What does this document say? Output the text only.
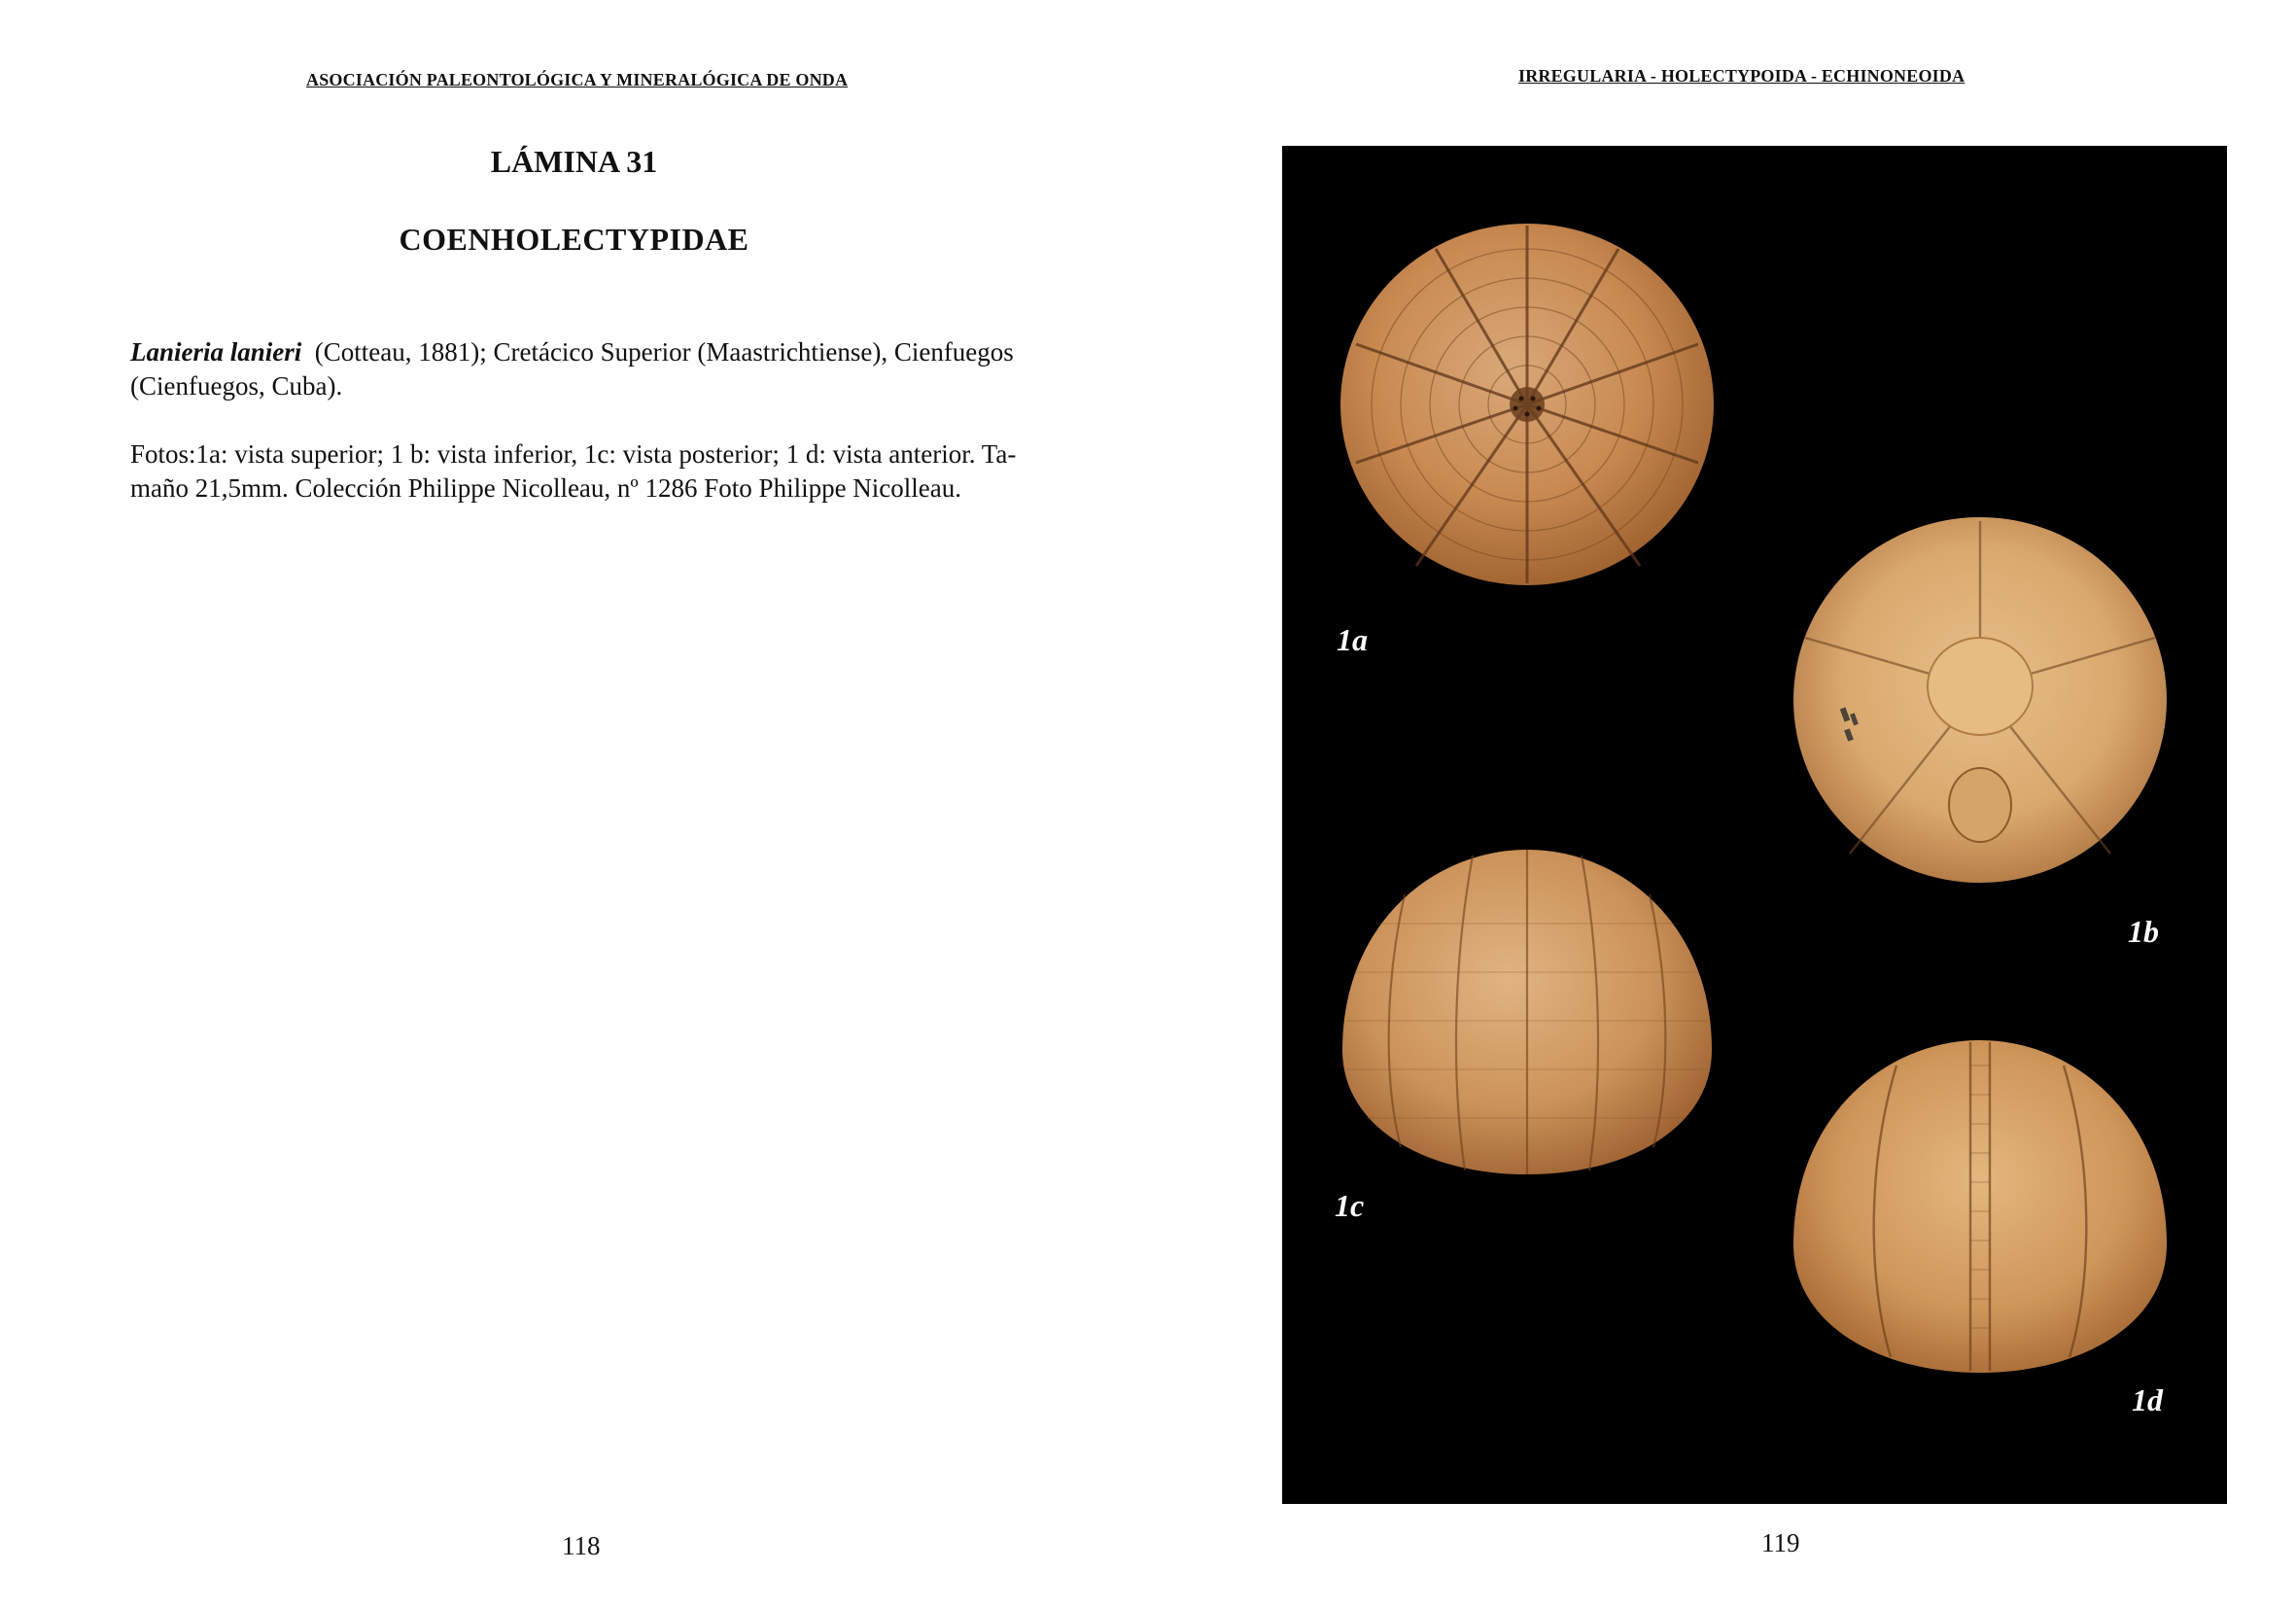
ASOCIACIÓN PALEONTOLÓGICA Y MINERALÓGICA DE ONDA
LÁMINA 31
COENHOLECTYPIDAE
Lanieria lanieri (Cotteau, 1881); Cretácico Superior (Maastrichtiense), Cienfuegos
(Cienfuegos, Cuba).
Fotos:1a: vista superior; 1 b: vista inferior, 1c: vista posterior; 1 d: vista anterior. Ta-
maño 21,5mm. Colección Philippe Nicolleau, nº 1286 Foto Philippe Nicolleau.
118
IRREGULARIA - HOLECTYPOIDA - ECHINONEOIDA
1a
1b
1c
1d
119
